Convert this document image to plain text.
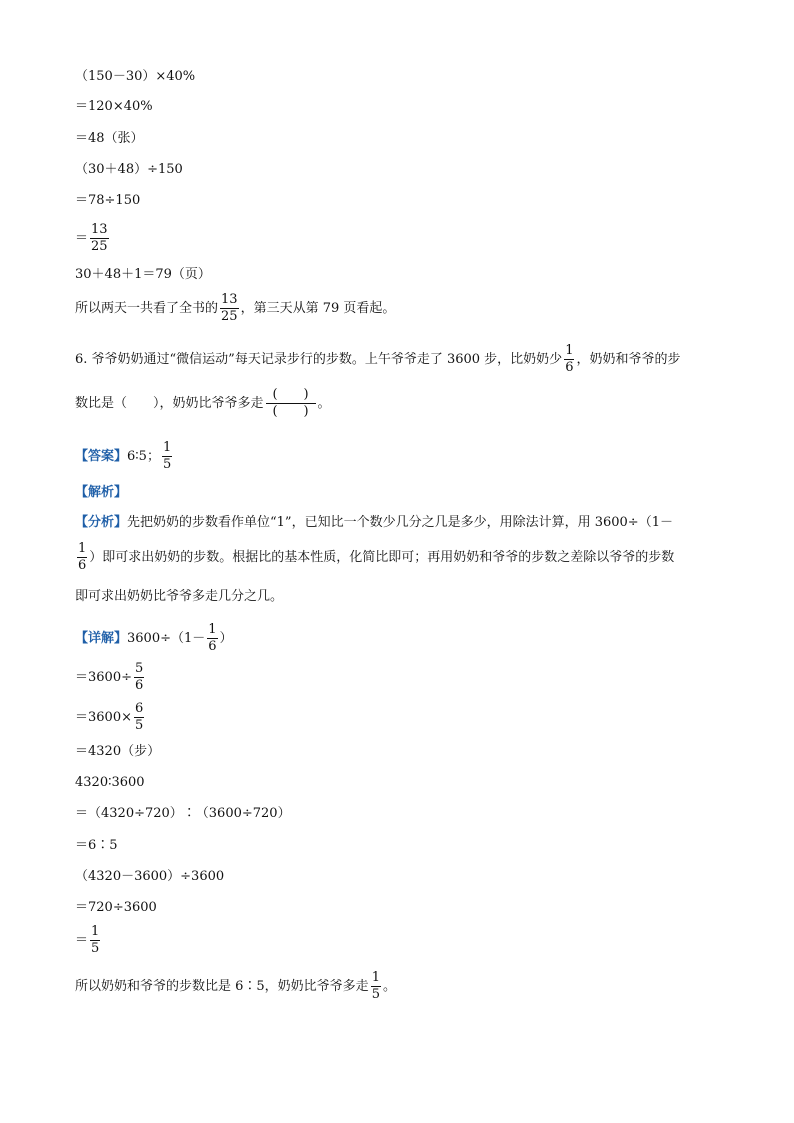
（150－30）×40%
＝120×40%
＝48（张）
（30＋48）÷150
＝78÷150
＝ $\frac{13}{25}$
30＋48＋1＝79（页）
所以两天一共看了全书的 $\frac{13}{25}$ ，第三天从第 79 页看起。
6. 爷爷奶奶通过“微信运动”每天记录步行的步数。上午爷爷走了 3600 步，比奶奶少 $\frac{1}{6}$ ，奶奶和爷爷的步
数比是（　　），奶奶比爷爷多走 $\frac{( )}{( )}$ 。
【答案】6∶5； $\frac{1}{5}$
【解析】
【分析】先把奶奶的步数看作单位“1”，已知比一个数少几分之几是多少，用除法计算，用 3600÷（1－
$\frac{1}{6}$ ）即可求出奶奶的步数。根据比的基本性质，化简比即可；再用奶奶和爷爷的步数之差除以爷爷的步数
即可求出奶奶比爷爷多走几分之几。
【详解】$3600\div(1- \frac{1}{6}$ ）
$=3600\div \frac{5}{6}$
$=3600\times \frac{6}{5}$
＝4320（步）
4320∶3600
＝（4320÷720）∶（3600÷720）
＝6∶5
（4320－3600）÷3600
＝720÷3600
＝ $\frac{1}{5}$
所以奶奶和爷爷的步数比是 6∶5，奶奶比爷爷多走 $\frac{1}{5}$ 。
